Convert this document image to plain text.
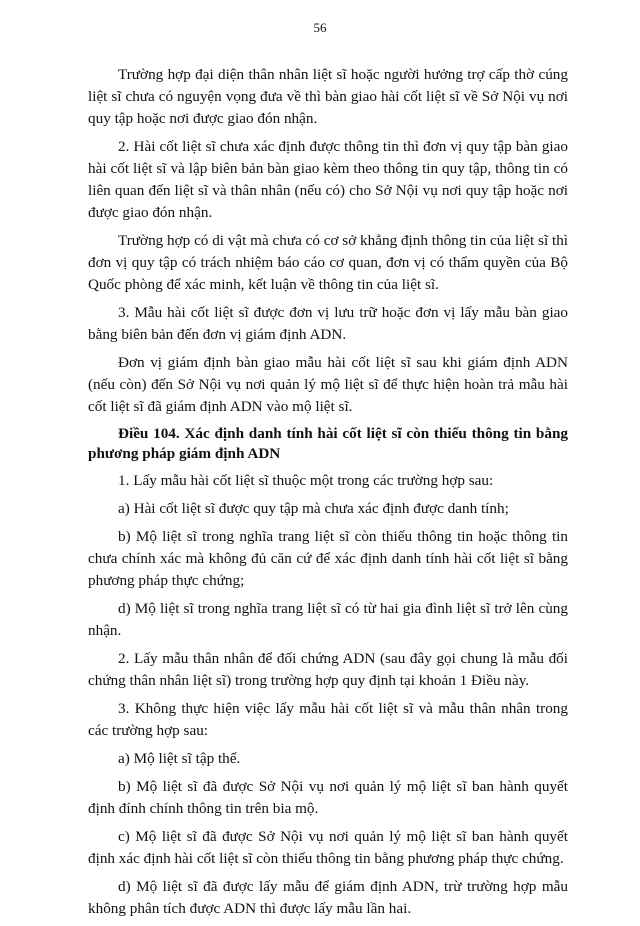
56

Trường hợp đại diện thân nhân liệt sĩ hoặc người hưởng trợ cấp thờ cúng liệt sĩ chưa có nguyện vọng đưa về thì bàn giao hài cốt liệt sĩ về Sở Nội vụ nơi quy tập hoặc nơi được giao đón nhận.

2. Hài cốt liệt sĩ chưa xác định được thông tin thì đơn vị quy tập bàn giao hài cốt liệt sĩ và lập biên bản bàn giao kèm theo thông tin quy tập, thông tin có liên quan đến liệt sĩ và thân nhân (nếu có) cho Sở Nội vụ nơi quy tập hoặc nơi được giao đón nhận.

Trường hợp có di vật mà chưa có cơ sở khẳng định thông tin của liệt sĩ thì đơn vị quy tập có trách nhiệm báo cáo cơ quan, đơn vị có thẩm quyền của Bộ Quốc phòng để xác minh, kết luận về thông tin của liệt sĩ.

3. Mẫu hài cốt liệt sĩ được đơn vị lưu trữ hoặc đơn vị lấy mẫu bàn giao bằng biên bản đến đơn vị giám định ADN.

Đơn vị giám định bàn giao mẫu hài cốt liệt sĩ sau khi giám định ADN (nếu còn) đến Sở Nội vụ nơi quản lý mộ liệt sĩ để thực hiện hoàn trả mẫu hài cốt liệt sĩ đã giám định ADN vào mộ liệt sĩ.

Điều 104. Xác định danh tính hài cốt liệt sĩ còn thiếu thông tin bằng phương pháp giám định ADN

1. Lấy mẫu hài cốt liệt sĩ thuộc một trong các trường hợp sau:

a) Hài cốt liệt sĩ được quy tập mà chưa xác định được danh tính;

b) Mộ liệt sĩ trong nghĩa trang liệt sĩ còn thiếu thông tin hoặc thông tin chưa chính xác mà không đủ căn cứ để xác định danh tính hài cốt liệt sĩ bằng phương pháp thực chứng;

d) Mộ liệt sĩ trong nghĩa trang liệt sĩ có từ hai gia đình liệt sĩ trở lên cùng nhận.

2. Lấy mẫu thân nhân để đối chứng ADN (sau đây gọi chung là mẫu đối chứng thân nhân liệt sĩ) trong trường hợp quy định tại khoản 1 Điều này.

3. Không thực hiện việc lấy mẫu hài cốt liệt sĩ và mẫu thân nhân trong các trường hợp sau:

a) Mộ liệt sĩ tập thể.

b) Mộ liệt sĩ đã được Sở Nội vụ nơi quản lý mộ liệt sĩ ban hành quyết định đính chính thông tin trên bia mộ.

c) Mộ liệt sĩ đã được Sở Nội vụ nơi quản lý mộ liệt sĩ ban hành quyết định xác định hài cốt liệt sĩ còn thiếu thông tin bằng phương pháp thực chứng.

d) Mộ liệt sĩ đã được lấy mẫu để giám định ADN, trừ trường hợp mẫu không phân tích được ADN thì được lấy mẫu lần hai.
